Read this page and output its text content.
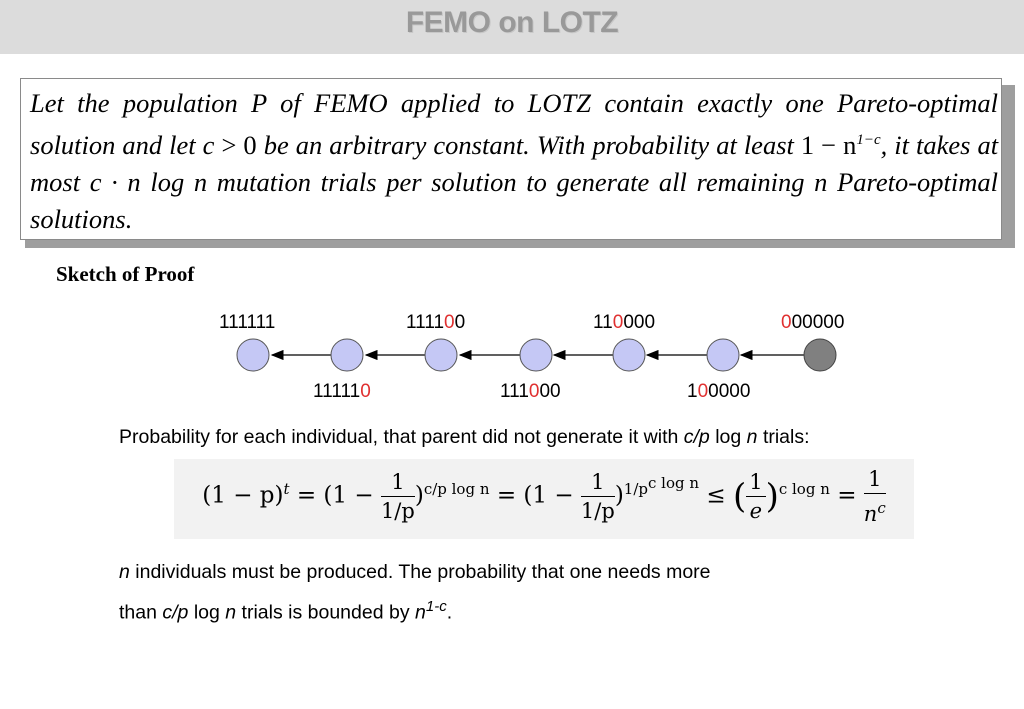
FEMO on LOTZ
Let the population P of FEMO applied to LOTZ contain exactly one Pareto-optimal solution and let c > 0 be an arbitrary constant. With probability at least $1 - n^{1-c}$, it takes at most c · n log n mutation trials per solution to generate all remaining n Pareto-optimal solutions.
Sketch of Proof
111111	111100	110000	000000
111110	111000	100000
Probability for each individual, that parent did not generate it with c/p log n trials:
$(1 - p)^t = (1 - \frac{1}{1/p} )^{c/p log n} = (1 - \frac{1}{1/p} )^{1/p^{c log n}}$ ≤ ( $\frac{1}{e} )^{c log n} = \frac{1}{n^c}$
n individuals must be produced. The probability that one needs more
than c/p log n trials is bounded by $n^{1-c}$.
